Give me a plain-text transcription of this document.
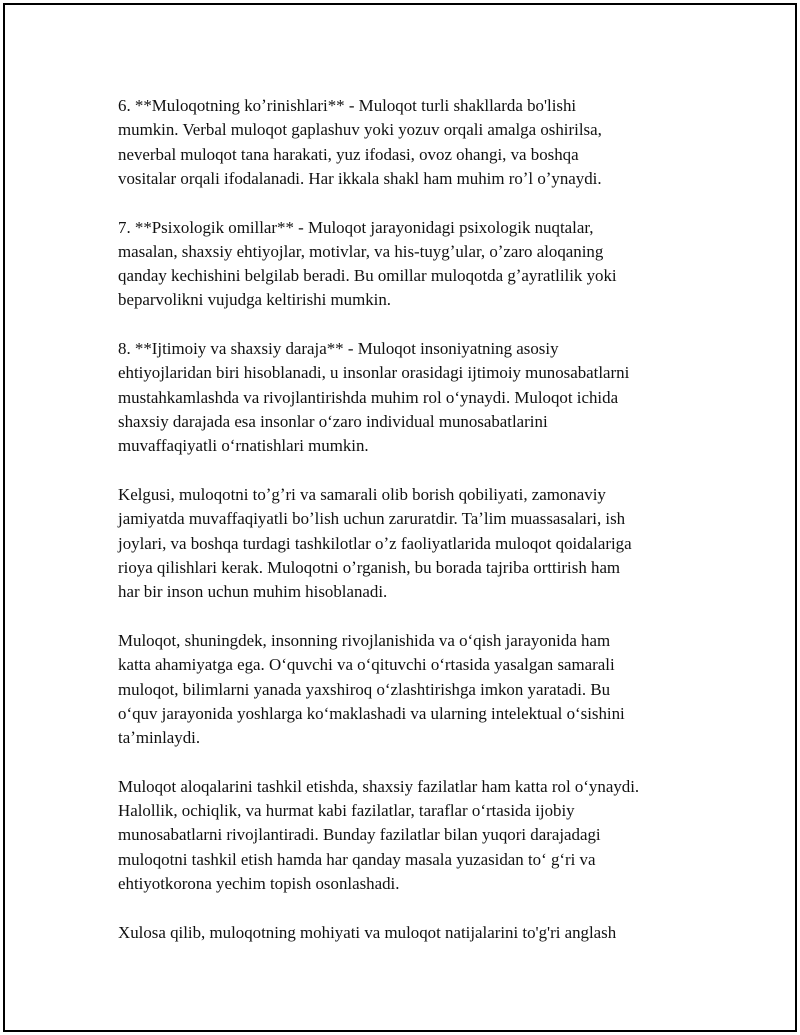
6. **Muloqotning koʼrinishlari** - Muloqot turli shakllarda bo'lishi
mumkin. Verbal muloqot gaplashuv yoki yozuv orqali amalga oshirilsa,
neverbal muloqot tana harakati, yuz ifodasi, ovoz ohangi, va boshqa
vositalar orqali ifodalanadi. Har ikkala shakl ham muhim roʼl oʼynaydi.

7. **Psixologik omillar** - Muloqot jarayonidagi psixologik nuqtalar,
masalan, shaxsiy ehtiyojlar, motivlar, va his-tuygʼular, oʼzaro aloqaning
qanday kechishini belgilab beradi. Bu omillar muloqotda gʼayratlilik yoki
beparvolikni vujudga keltirishi mumkin.

8. **Ijtimoiy va shaxsiy daraja** - Muloqot insoniyatning asosiy
ehtiyojlaridan biri hisoblanadi, u insonlar orasidagi ijtimoiy munosabatlarni
mustahkamlashda va rivojlantirishda muhim rol oʻynaydi. Muloqot ichida
shaxsiy darajada esa insonlar oʻzaro individual munosabatlarini
muvaffaqiyatli oʻrnatishlari mumkin.

Kelgusi, muloqotni toʼgʼri va samarali olib borish qobiliyati, zamonaviy
jamiyatda muvaffaqiyatli boʼlish uchun zaruratdir. Taʼlim muassasalari, ish
joylari, va boshqa turdagi tashkilotlar oʼz faoliyatlarida muloqot qoidalariga
rioya qilishlari kerak. Muloqotni oʼrganish, bu borada tajriba orttirish ham
har bir inson uchun muhim hisoblanadi.

Muloqot, shuningdek, insonning rivojlanishida va oʻqish jarayonida ham
katta ahamiyatga ega. Oʻquvchi va oʻqituvchi oʻrtasida yasalgan samarali
muloqot, bilimlarni yanada yaxshiroq oʻzlashtirishga imkon yaratadi. Bu
oʻquv jarayonida yoshlarga koʻmaklashadi va ularning intelektual oʻsishini
taʼminlaydi.

Muloqot aloqalarini tashkil etishda, shaxsiy fazilatlar ham katta rol oʻynaydi.
Halollik, ochiqlik, va hurmat kabi fazilatlar, taraflar oʻrtasida ijobiy
munosabatlarni rivojlantiradi. Bunday fazilatlar bilan yuqori darajadagi
muloqotni tashkil etish hamda har qanday masala yuzasidan toʻ gʻri va
ehtiyotkorona yechim topish osonlashadi.

Xulosa qilib, muloqotning mohiyati va muloqot natijalarini to'g'ri anglash
